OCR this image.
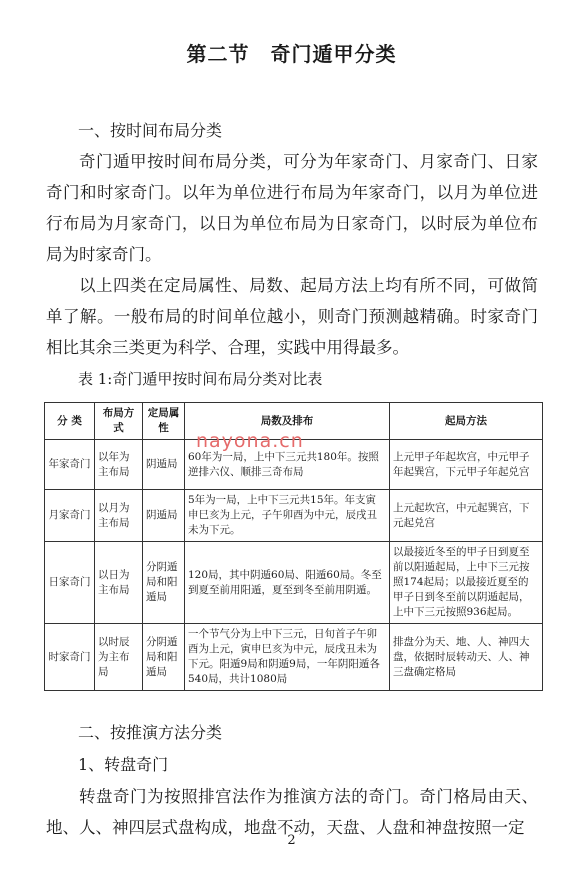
第二节　奇门遁甲分类
一、按时间布局分类

奇门遁甲按时间布局分类，可分为年家奇门、月家奇门、日家奇门和时家奇门。以年为单位进行布局为年家奇门，以月为单位进行布局为月家奇门，以日为单位布局为日家奇门，以时辰为单位布局为时家奇门。

以上四类在定局属性、局数、起局方法上均有所不同，可做简单了解。一般布局的时间单位越小，则奇门预测越精确。时家奇门相比其余三类更为科学、合理，实践中用得最多。

表 1:奇门遁甲按时间布局分类对比表
分 类	布局方式	定局属性	局数及排布	起局方法
年家奇门	以年为主布局	阴遁局	60年为一局，上中下三元共180年。按照逆排六仪、顺排三奇布局	上元甲子年起坎宫，中元甲子年起巽宫，下元甲子年起兑宫
月家奇门	以月为主布局	阴遁局	5年为一局，上中下三元共15年。年支寅申巳亥为上元，子午卯酉为中元，辰戌丑未为下元。	上元起坎宫，中元起巽宫，下元起兑宫
日家奇门	以日为主布局	分阴遁局和阳遁局	120局，其中阴遁60局、阳遁60局。冬至到夏至前用阳遁，夏至到冬至前用阴遁。	以最接近冬至的甲子日到夏至前以阳遁起局，上中下三元按照174起局；以最接近夏至的甲子日到冬至前以阴遁起局，上中下三元按照936起局。
时家奇门	以时辰为主布局	分阴遁局和阳遁局	一个节气分为上中下三元，日旬首子午卯酉为上元，寅申巳亥为中元，辰戌丑未为下元。阳遁9局和阴遁9局，一年阴阳遁各540局，共计1080局	排盘分为天、地、人、神四大盘，依据时辰转动天、人、神三盘确定格局
nayona.cn
二、按推演方法分类
1、转盘奇门

转盘奇门为按照排宫法作为推演方法的奇门。奇门格局由天、地、人、神四层式盘构成，地盘不动，天盘、人盘和神盘按照一定

2
